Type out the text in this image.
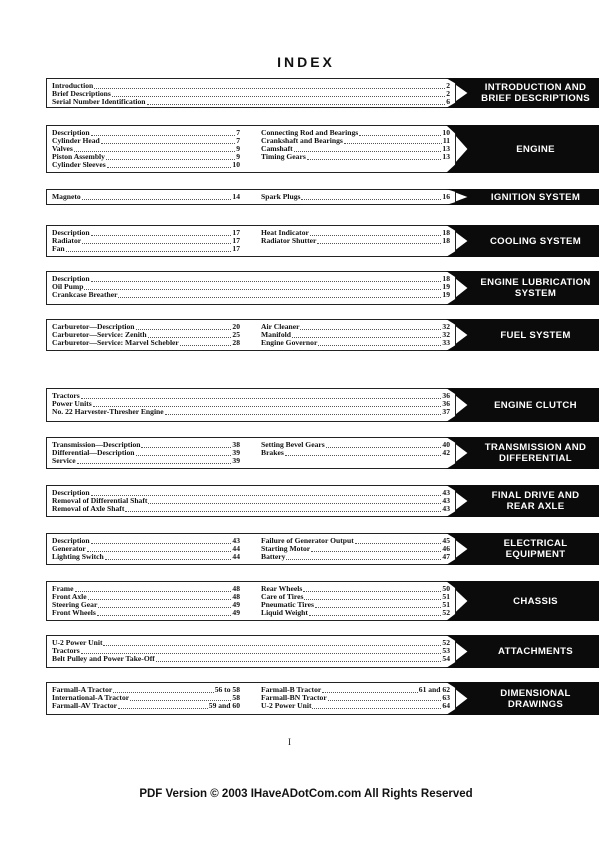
INDEX
Introduction	2
Brief Descriptions	2
Serial Number Identification	6
INTRODUCTION AND
BRIEF DESCRIPTIONS
Description	7
Cylinder Head	7
Valves	9
Piston Assembly	9
Cylinder Sleeves	10
Connecting Rod and Bearings	10
Crankshaft and Bearings	11
Camshaft	13
Timing Gears	13
ENGINE
Magneto	14	Spark Plugs	16	IGNITION SYSTEM
Description	17
Radiator	17
Fan	17
Heat Indicator	18
Radiator Shutter	18	COOLING SYSTEM
Description	18
Oil Pump	19
Crankcase Breather	19
ENGINE LUBRICATION
SYSTEM
Carburetor—Description	20
Carburetor—Service: Zenith	25
Carburetor—Service: Marvel Schebler	28
Air Cleaner	32
Manifold	32
Engine Governor	33
FUEL SYSTEM
Tractors	36
Power Units	36
No. 22 Harvester-Thresher Engine	37
ENGINE CLUTCH
Transmission—Description	38
Differential—Description	39
Service	39
Setting Bevel Gears	40
Brakes	42	TRANSMISSION AND
DIFFERENTIAL
Description	43
Removal of Differential Shaft	43
Removal of Axle Shaft	43
FINAL DRIVE AND
REAR AXLE
Description	43
Generator	44
Lighting Switch	44
Failure of Generator Output	45
Starting Motor	46
Battery	47
ELECTRICAL
EQUIPMENT
Frame	48
Front Axle	48
Steering Gear	49
Front Wheels	49
Rear Wheels	50
Care of Tires	51
Pneumatic Tires	51
Liquid Weight	52
CHASSIS
U-2 Power Unit	52
Tractors	53
Belt Pulley and Power Take-Off	54
ATTACHMENTS
Farmall-A Tractor	56 to 58
International-A Tractor	58
Farmall-AV Tractor	59 and 60
Farmall-B Tractor	61 and 62
Farmall-BN Tractor	63
U-2 Power Unit	64
DIMENSIONAL
DRAWINGS
I
PDF Version © 2003 IHaveADotCom.com All Rights Reserved
